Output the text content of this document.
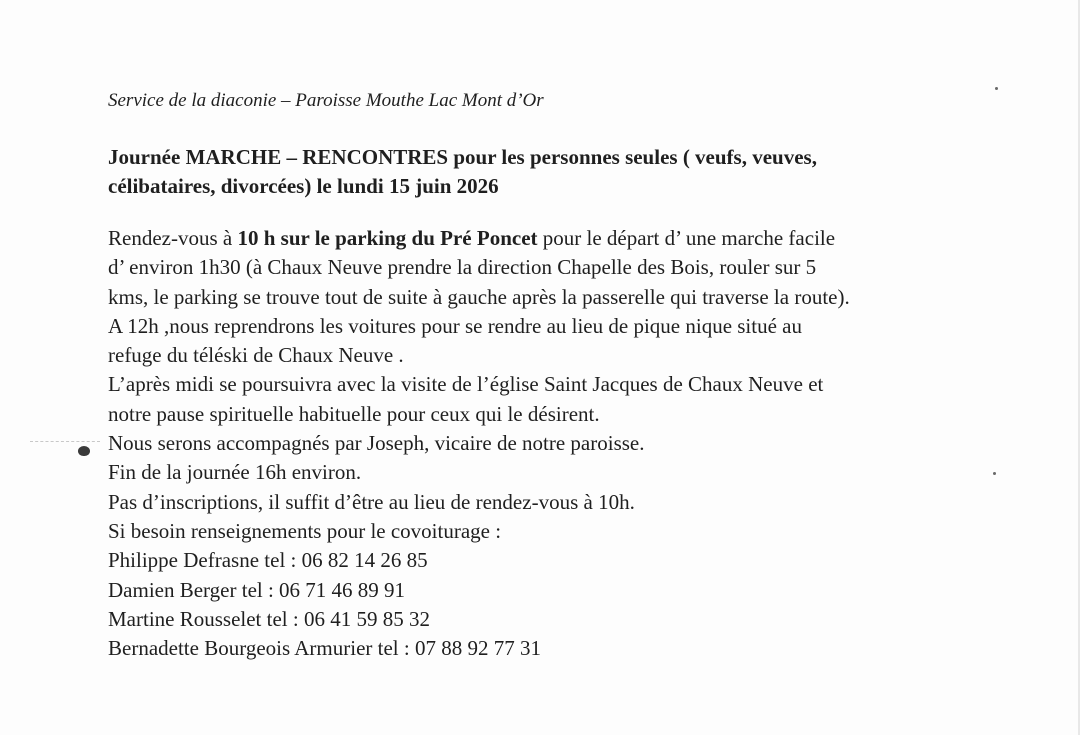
Service de la diaconie – Paroisse Mouthe Lac Mont d’Or
Journée MARCHE – RENCONTRES pour les personnes seules ( veufs, veuves,
célibataires, divorcées) le lundi 15 juin 2026
Rendez-vous à 10 h sur le parking du Pré Poncet pour le départ d’ une marche facile
d’ environ 1h30 (à Chaux Neuve prendre la direction Chapelle des Bois, rouler sur 5
kms, le parking se trouve tout de suite à gauche après la passerelle qui traverse la route).
A 12h ,nous reprendrons les voitures pour se rendre au lieu de pique nique situé au
refuge du téléski de Chaux Neuve .
L’après midi se poursuivra avec la visite de l’église Saint Jacques de Chaux Neuve et
notre pause spirituelle habituelle pour ceux qui le désirent.
Nous serons accompagnés par Joseph, vicaire de notre paroisse.
Fin de la journée 16h environ.
Pas d’inscriptions, il suffit d’être au lieu de rendez-vous à 10h.
Si besoin renseignements pour le covoiturage :
Philippe Defrasne tel : 06 82 14 26 85
Damien Berger tel : 06 71 46 89 91
Martine Rousselet tel : 06 41 59 85 32
Bernadette Bourgeois Armurier tel : 07 88 92 77 31
